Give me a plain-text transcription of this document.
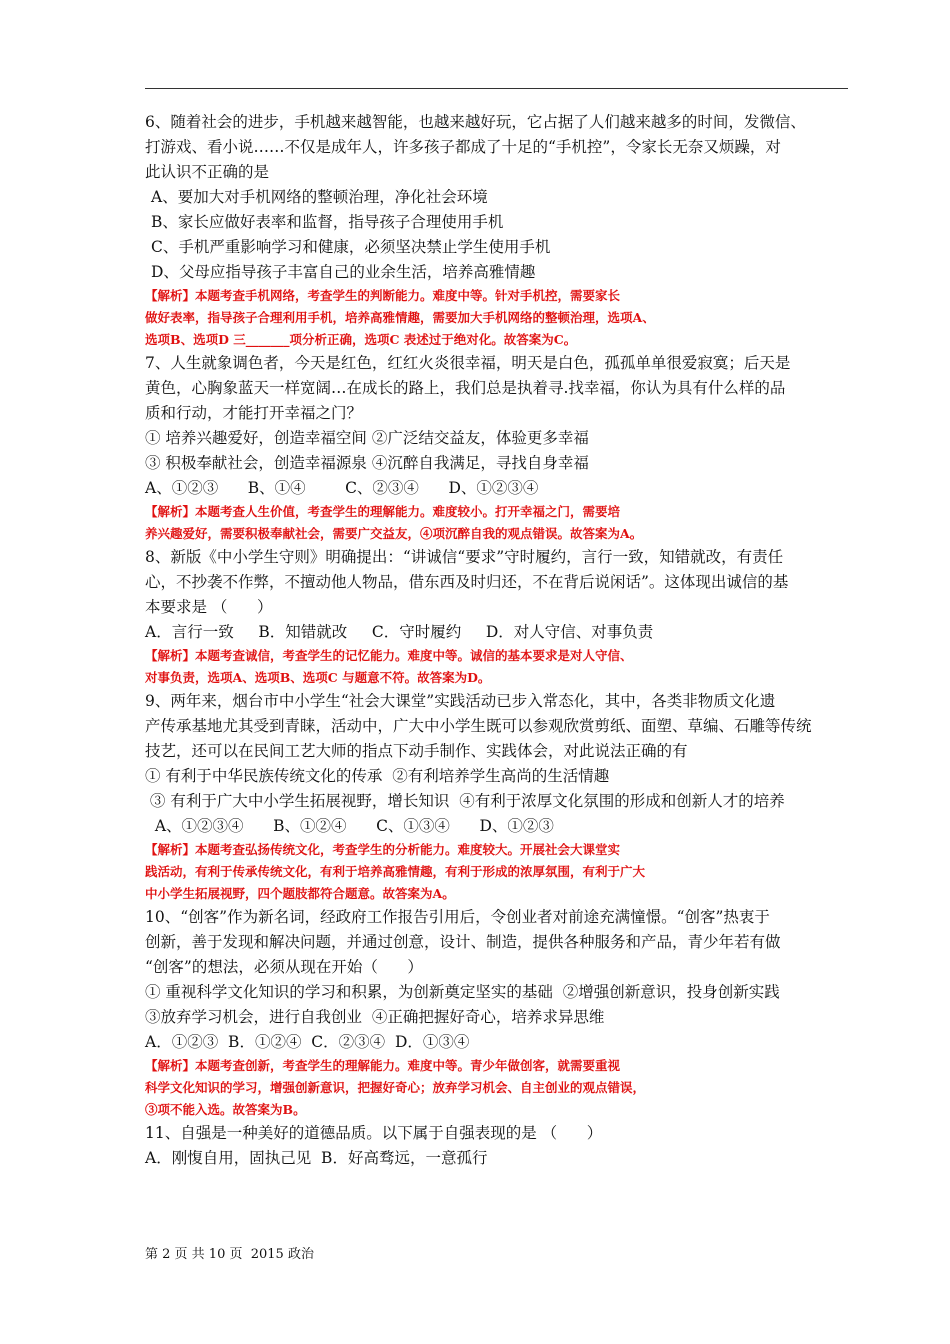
6、随着社会的进步，手机越来越智能，也越来越好玩，它占据了人们越来越多的时间，发微信、
打游戏、看小说……不仅是成年人，许多孩子都成了十足的“手机控”，令家长无奈又烦躁，对
此认识不正确的是
A、要加大对手机网络的整顿治理，净化社会环境
B、家长应做好表率和监督，指导孩子合理使用手机
C、手机严重影响学习和健康，必须坚决禁止学生使用手机
D、父母应指导孩子丰富自己的业余生活，培养高雅情趣
【解析】本题考查手机网络，考查学生的判断能力。难度中等。针对手机控，需要家长
做好表率，指导孩子合理利用手机，培养高雅情趣，需要加大手机网络的整顿治理，选项A、
选项B、选项D 三_______项分析正确，选项C 表述过于绝对化。故答案为C。
7、人生就象调色者，今天是红色，红红火炎很幸福，明天是白色，孤孤单单很爱寂寞；后天是
黄色，心胸象蓝天一样宽阔…在成长的路上，我们总是执着寻.找幸福，你认为具有什么样的品
质和行动，才能打开幸福之门？
① 培养兴趣爱好，创造幸福空间 ②广泛结交益友，体验更多幸福
③ 积极奉献社会，创造幸福源泉 ④沉醉自我满足，寻找自身幸福
A、①②③      B、①④        C、②③④      D、①②③④
【解析】本题考查人生价值，考查学生的理解能力。难度较小。打开幸福之门，需要培
养兴趣爱好，需要积极奉献社会，需要广交益友，④项沉醉自我的观点错误。故答案为A。
8、新版《中小学生守则》明确提出：“讲诚信“要求”守时履约，言行一致，知错就改，有责任
心，不抄袭不作弊，不擅动他人物品，借东西及时归还，不在背后说闲话”。这体现出诚信的基
本要求是 （      ）
A．言行一致     B．知错就改     C．守时履约     D．对人守信、对事负责
【解析】本题考查诚信，考查学生的记忆能力。难度中等。诚信的基本要求是对人守信、
对事负责，选项A、选项B、选项C 与题意不符。故答案为D。
9、两年来，烟台市中小学生“社会大课堂”实践活动已步入常态化，其中，各类非物质文化遗
产传承基地尤其受到青睐，活动中，广大中小学生既可以参观欣赏剪纸、面塑、草编、石雕等传统
技艺，还可以在民间工艺大师的指点下动手制作、实践体会，对此说法正确的有
① 有利于中华民族传统文化的传承  ②有利培养学生高尚的生活情趣
③ 有利于广大中小学生拓展视野，增长知识  ④有利于浓厚文化氛围的形成和创新人才的培养
A、①②③④      B、①②④      C、①③④      D、①②③
【解析】本题考查弘扬传统文化，考查学生的分析能力。难度较大。开展社会大课堂实
践活动，有利于传承传统文化，有利于培养高雅情趣，有利于形成的浓厚氛围，有利于广大
中小学生拓展视野，四个题肢都符合题意。故答案为A。
10、“创客”作为新名词，经政府工作报告引用后，令创业者对前途充满憧憬。“创客”热衷于
创新，善于发现和解决问题，并通过创意，设计、制造，提供各种服务和产品，青少年若有做
“创客”的想法，必须从现在开始（      ）
① 重视科学文化知识的学习和积累，为创新奠定坚实的基础  ②增强创新意识，投身创新实践
③放弃学习机会，进行自我创业  ④正确把握好奇心，培养求异思维
A．①②③  B．①②④  C．②③④  D．①③④
【解析】本题考查创新，考查学生的理解能力。难度中等。青少年做创客，就需要重视
科学文化知识的学习，增强创新意识，把握好奇心；放弃学习机会、自主创业的观点错误，
③项不能入选。故答案为B。
11、自强是一种美好的道德品质。以下属于自强表现的是 （      ）
A．刚愎自用，固执己见  B．好高骛远，一意孤行
第 2 页 共 10 页  2015 政治
